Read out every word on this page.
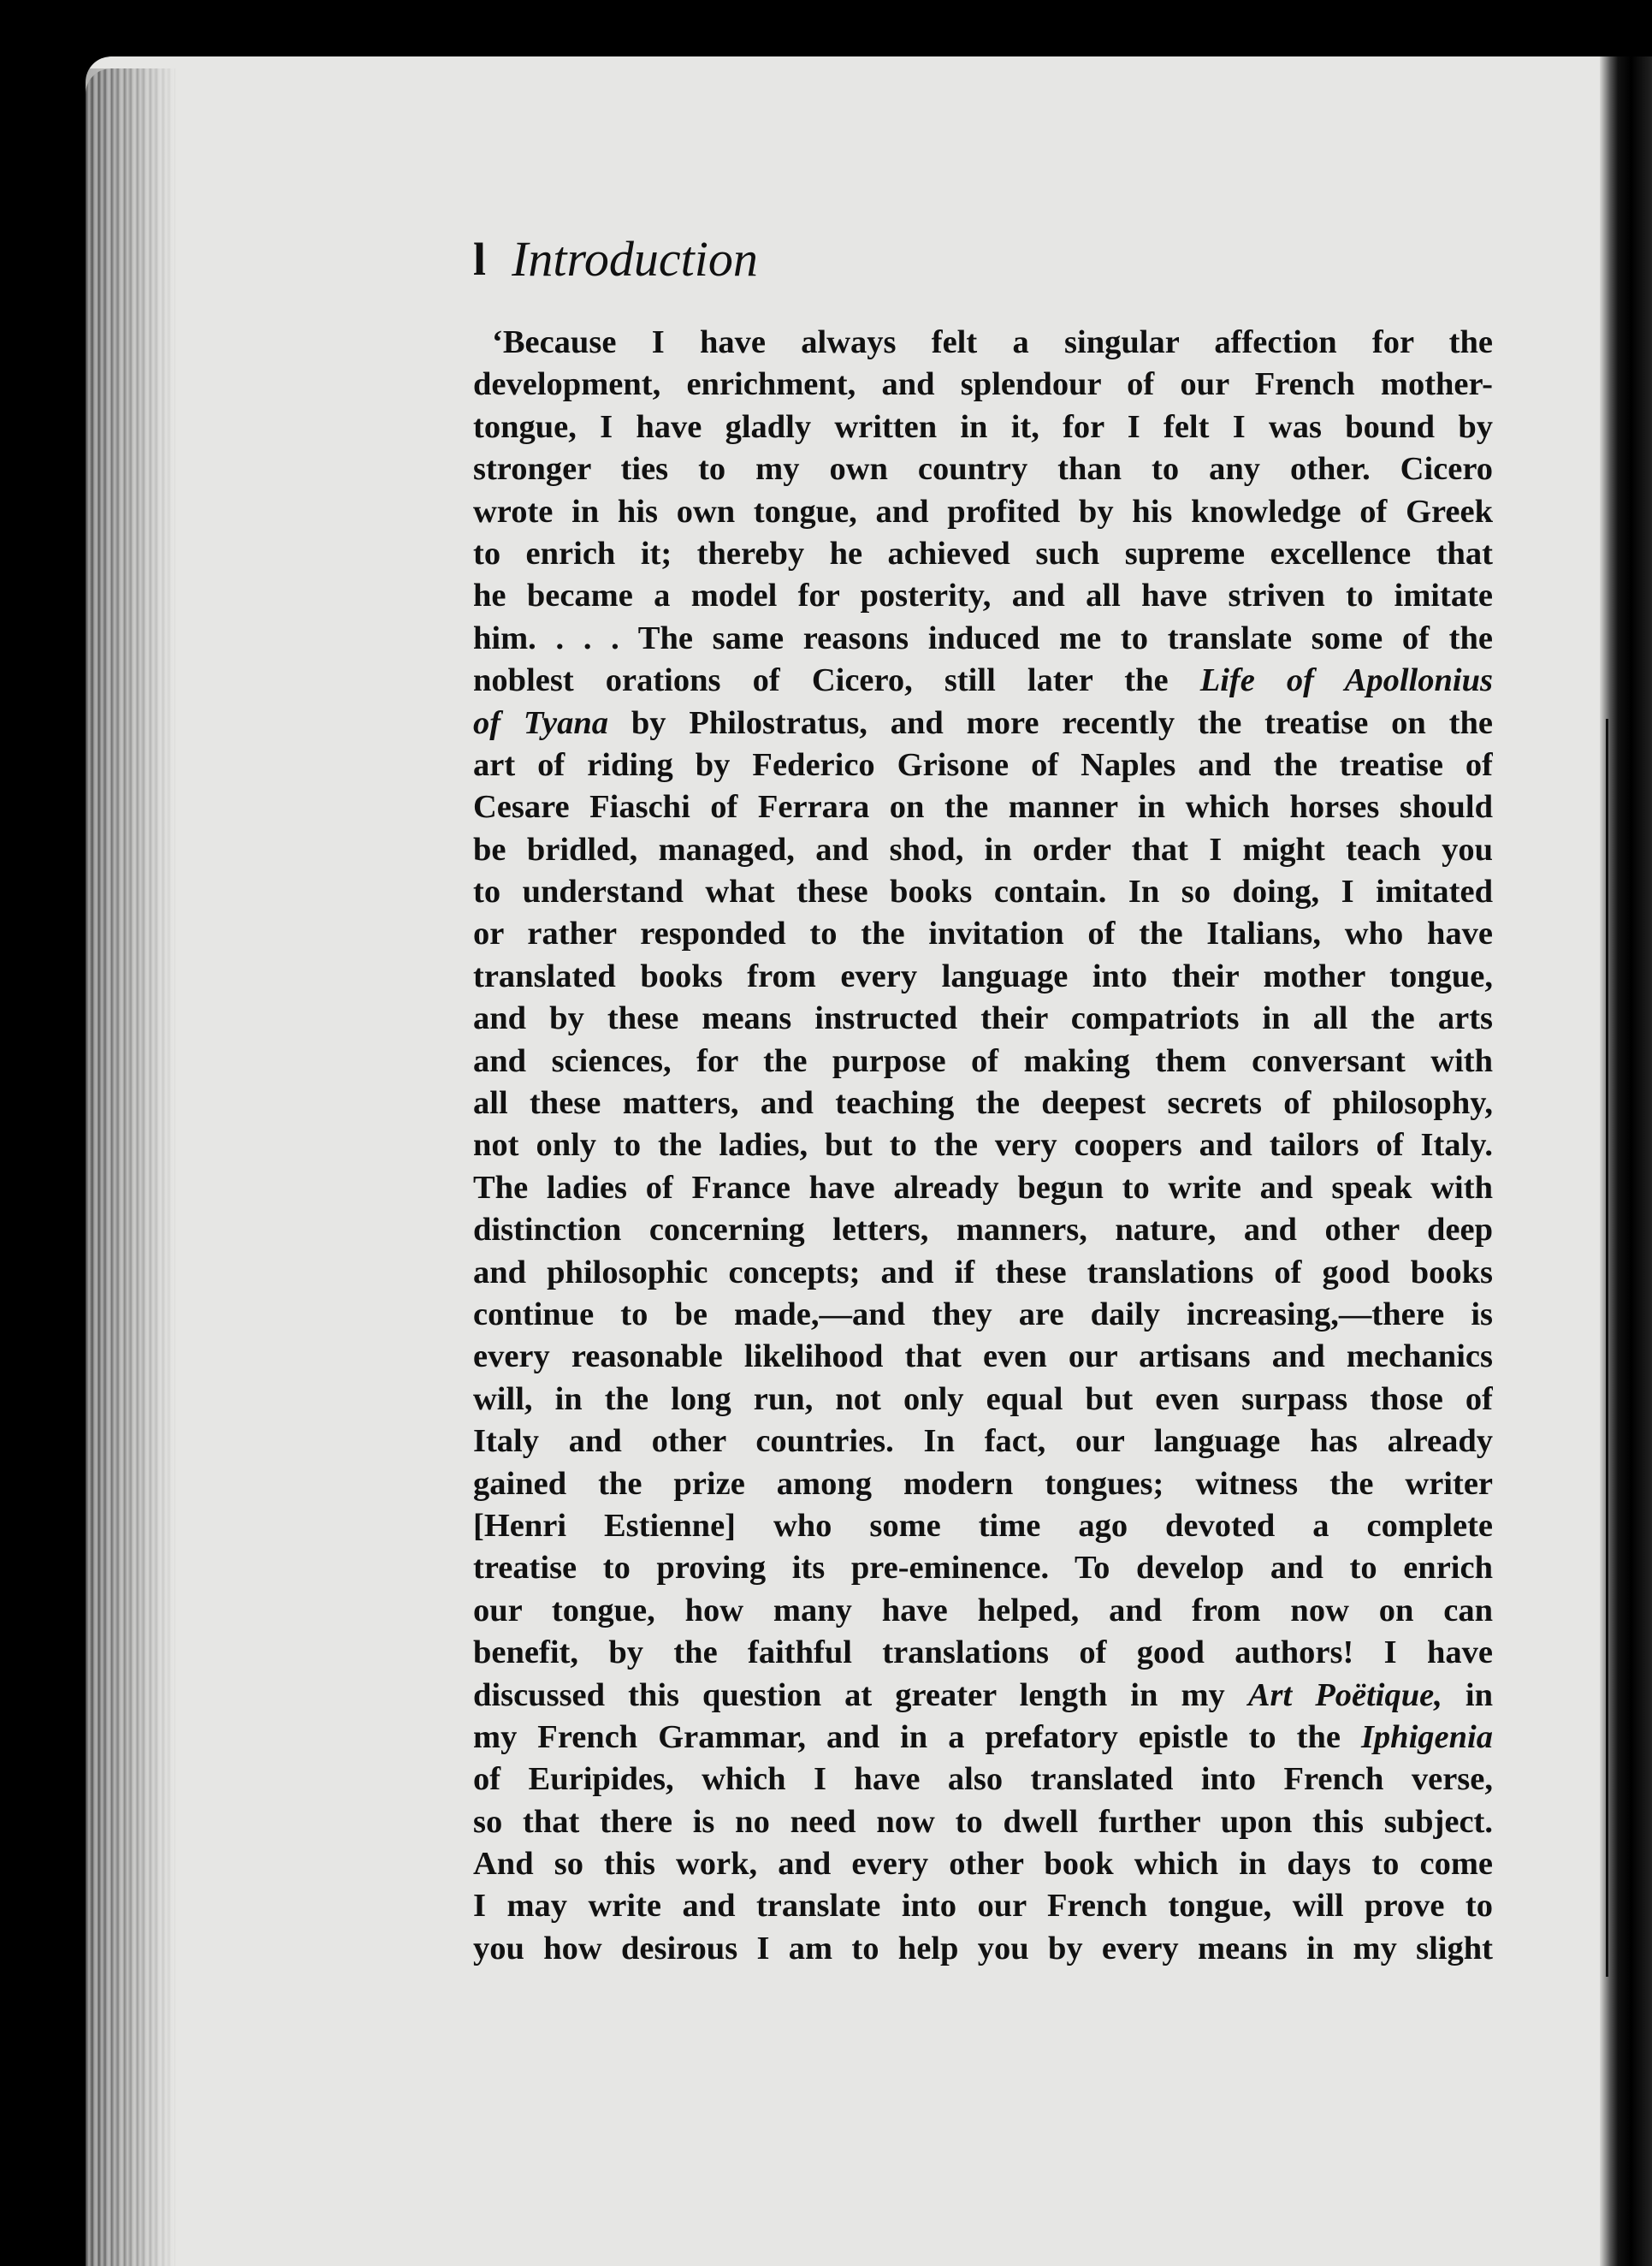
l Introduction
‘Because I have always felt a singular affection for the
development, enrichment, and splendour of our French mother-
tongue, I have gladly written in it, for I felt I was bound by
stronger ties to my own country than to any other. Cicero
wrote in his own tongue, and profited by his knowledge of Greek
to enrich it; thereby he achieved such supreme excellence that
he became a model for posterity, and all have striven to imitate
him. . . . The same reasons induced me to translate some of the
noblest orations of Cicero, still later the Life of Apollonius
of Tyana by Philostratus, and more recently the treatise on the
art of riding by Federico Grisone of Naples and the treatise of
Cesare Fiaschi of Ferrara on the manner in which horses should
be bridled, managed, and shod, in order that I might teach you
to understand what these books contain. In so doing, I imitated
or rather responded to the invitation of the Italians, who have
translated books from every language into their mother tongue,
and by these means instructed their compatriots in all the arts
and sciences, for the purpose of making them conversant with
all these matters, and teaching the deepest secrets of philosophy,
not only to the ladies, but to the very coopers and tailors of Italy.
The ladies of France have already begun to write and speak with
distinction concerning letters, manners, nature, and other deep
and philosophic concepts; and if these translations of good books
continue to be made,—and they are daily increasing,—there is
every reasonable likelihood that even our artisans and mechanics
will, in the long run, not only equal but even surpass those of
Italy and other countries. In fact, our language has already
gained the prize among modern tongues; witness the writer
[Henri Estienne] who some time ago devoted a complete
treatise to proving its pre-eminence. To develop and to enrich
our tongue, how many have helped, and from now on can
benefit, by the faithful translations of good authors! I have
discussed this question at greater length in my Art Poëtique, in
my French Grammar, and in a prefatory epistle to the Iphigenia
of Euripides, which I have also translated into French verse,
so that there is no need now to dwell further upon this subject.
And so this work, and every other book which in days to come
I may write and translate into our French tongue, will prove to
you how desirous I am to help you by every means in my slight
